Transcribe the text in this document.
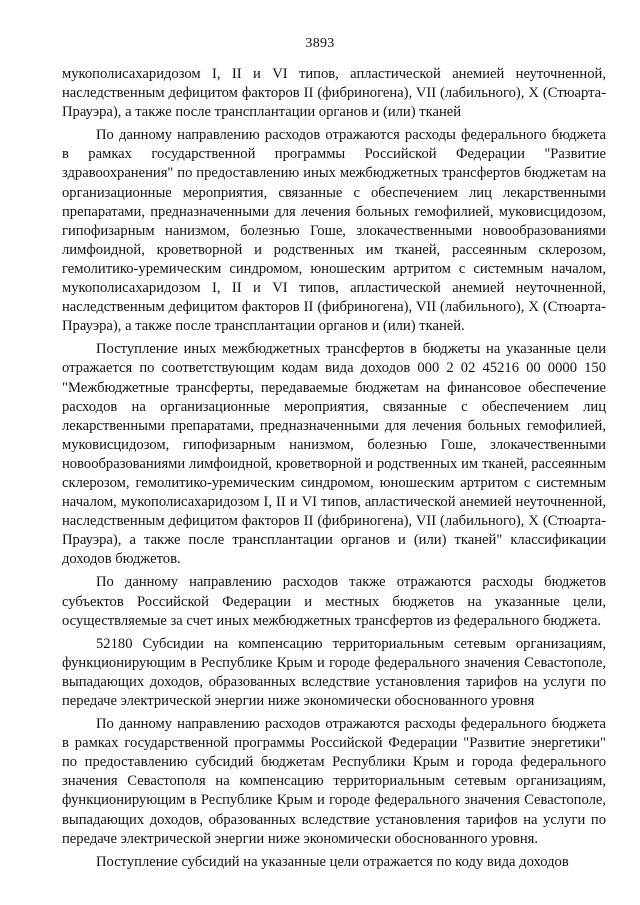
3893

мукополисахаридозом I, II и VI типов, апластической анемией неуточненной, наследственным дефицитом факторов II (фибриногена), VII (лабильного), X (Стюарта-Прауэра), а также после трансплантации органов и (или) тканей

По данному направлению расходов отражаются расходы федерального бюджета в рамках государственной программы Российской Федерации "Развитие здравоохранения" по предоставлению иных межбюджетных трансфертов бюджетам на организационные мероприятия, связанные с обеспечением лиц лекарственными препаратами, предназначенными для лечения больных гемофилией, муковисцидозом, гипофизарным нанизмом, болезнью Гоше, злокачественными новообразованиями лимфоидной, кроветворной и родственных им тканей, рассеянным склерозом, гемолитико-уремическим синдромом, юношеским артритом с системным началом, мукополисахаридозом I, II и VI типов, апластической анемией неуточненной, наследственным дефицитом факторов II (фибриногена), VII (лабильного), X (Стюарта-Прауэра), а также после трансплантации органов и (или) тканей.

Поступление иных межбюджетных трансфертов в бюджеты на указанные цели отражается по соответствующим кодам вида доходов 000 2 02 45216 00 0000 150 "Межбюджетные трансферты, передаваемые бюджетам на финансовое обеспечение расходов на организационные мероприятия, связанные с обеспечением лиц лекарственными препаратами, предназначенными для лечения больных гемофилией, муковисцидозом, гипофизарным нанизмом, болезнью Гоше, злокачественными новообразованиями лимфоидной, кроветворной и родственных им тканей, рассеянным склерозом, гемолитико-уремическим синдромом, юношеским артритом с системным началом, мукополисахаридозом I, II и VI типов, апластической анемией неуточненной, наследственным дефицитом факторов II (фибриногена), VII (лабильного), X (Стюарта-Прауэра), а также после трансплантации органов и (или) тканей" классификации доходов бюджетов.

По данному направлению расходов также отражаются расходы бюджетов субъектов Российской Федерации и местных бюджетов на указанные цели, осуществляемые за счет иных межбюджетных трансфертов из федерального бюджета.

52180 Субсидии на компенсацию территориальным сетевым организациям, функционирующим в Республике Крым и городе федерального значения Севастополе, выпадающих доходов, образованных вследствие установления тарифов на услуги по передаче электрической энергии ниже экономически обоснованного уровня

По данному направлению расходов отражаются расходы федерального бюджета в рамках государственной программы Российской Федерации "Развитие энергетики" по предоставлению субсидий бюджетам Республики Крым и города федерального значения Севастополя на компенсацию территориальным сетевым организациям, функционирующим в Республике Крым и городе федерального значения Севастополе, выпадающих доходов, образованных вследствие установления тарифов на услуги по передаче электрической энергии ниже экономически обоснованного уровня.

Поступление субсидий на указанные цели отражается по коду вида доходов
